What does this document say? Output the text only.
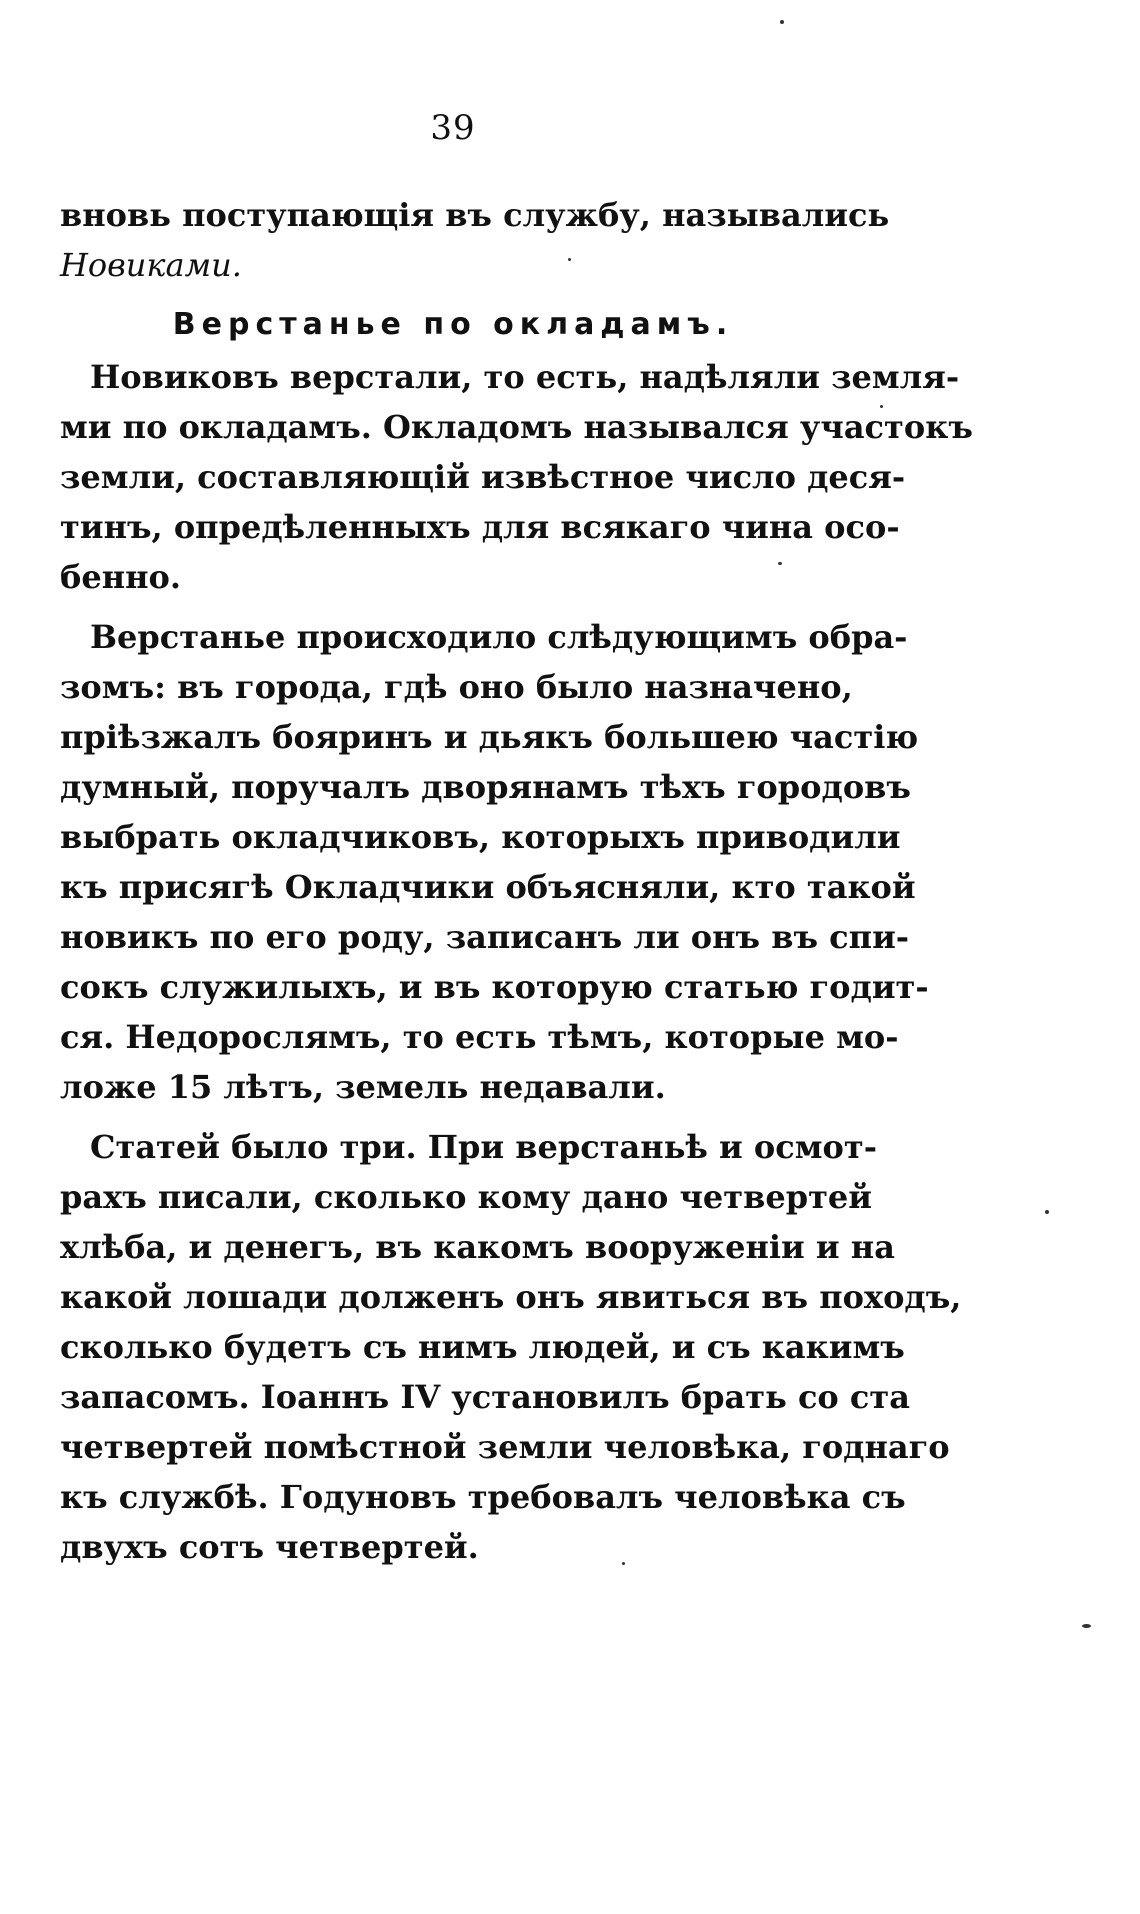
39
вновь поступающія въ службу, назывались
Новиками.
Верстанье по окладамъ.
Новиковъ верстали, то есть, надѣляли земля-
ми по окладамъ. Окладомъ назывался участокъ
земли, составляющій извѣстное число деся-
тинъ, опредѣленныхъ для всякаго чина осо-
бенно.
Верстанье происходило слѣдующимъ обра-
зомъ: въ города, гдѣ оно было назначено,
пріѣзжалъ бояринъ и дьякъ большею частію
думный, поручалъ дворянамъ тѣхъ городовъ
выбрать окладчиковъ, которыхъ приводили
къ присягѣ Окладчики объясняли, кто такой
новикъ по его роду, записанъ ли онъ въ спи-
сокъ служилыхъ, и въ которую статью годит-
ся. Недорослямъ, то есть тѣмъ, которые мо-
ложе 15 лѣтъ, земель недавали.
Статей было три. При верстаньѣ и осмот-
рахъ писали, сколько кому дано четвертей
хлѣба, и денегъ, въ какомъ вооруженіи и на
какой лошади долженъ онъ явиться въ походъ,
сколько будетъ съ нимъ людей, и съ какимъ
запасомъ. Іоаннъ IV установилъ брать со ста
четвертей помѣстной земли человѣка, годнаго
къ службѣ. Годуновъ требовалъ человѣка съ
двухъ сотъ четвертей.
